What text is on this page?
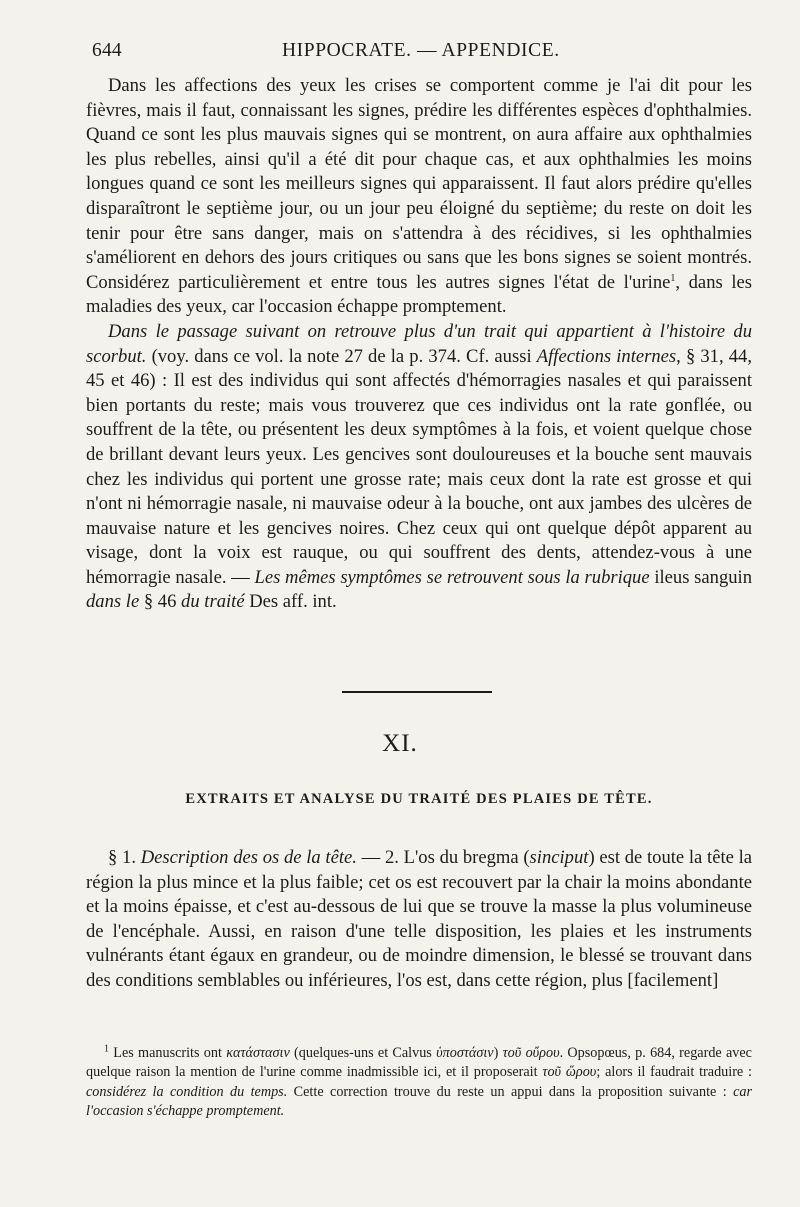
644	HIPPOCRATE. — APPENDICE.

Dans les affections des yeux les crises se comportent comme je l'ai dit pour les fièvres, mais il faut, connaissant les signes, prédire les différentes espèces d'ophthalmies. Quand ce sont les plus mauvais signes qui se montrent, on aura affaire aux ophthalmies les plus rebelles, ainsi qu'il a été dit pour chaque cas, et aux ophthalmies les moins longues quand ce sont les meilleurs signes qui apparaissent. Il faut alors prédire qu'elles disparaîtront le septième jour, ou un jour peu éloigné du septième; du reste on doit les tenir pour être sans danger, mais on s'attendra à des récidives, si les ophthalmies s'améliorent en dehors des jours critiques ou sans que les bons signes se soient montrés. Considérez particulièrement et entre tous les autres signes l'état de l'urine$^1$, dans les maladies des yeux, car l'occasion échappe promptement.

Dans le passage suivant on retrouve plus d'un trait qui appartient à l'histoire du scorbut. (voy. dans ce vol. la note 27 de la p. 374. Cf. aussi Affections internes, § 31, 44, 45 et 46) : Il est des individus qui sont affectés d'hémorragies nasales et qui paraissent bien portants du reste; mais vous trouverez que ces individus ont la rate gonflée, ou souffrent de la tête, ou présentent les deux symptômes à la fois, et voient quelque chose de brillant devant leurs yeux. Les gencives sont douloureuses et la bouche sent mauvais chez les individus qui portent une grosse rate; mais ceux dont la rate est grosse et qui n'ont ni hémorragie nasale, ni mauvaise odeur à la bouche, ont aux jambes des ulcères de mauvaise nature et les gencives noires. Chez ceux qui ont quelque dépôt apparent au visage, dont la voix est rauque, ou qui souffrent des dents, attendez-vous à une hémorragie nasale. — Les mêmes symptômes se retrouvent sous la rubrique ileus sanguin dans le § 46 du traité Des aff. int.

XI.
EXTRAITS ET ANALYSE DU TRAITÉ DES PLAIES DE TÊTE.

§ 1. Description des os de la tête. — 2. L'os du bregma (sinciput) est de toute la tête la région la plus mince et la plus faible; cet os est recouvert par la chair la moins abondante et la moins épaisse, et c'est au-dessous de lui que se trouve la masse la plus volumineuse de l'encéphale. Aussi, en raison d'une telle disposition, les plaies et les instruments vulnérants étant égaux en grandeur, ou de moindre dimension, le blessé se trouvant dans des conditions semblables ou inférieures, l'os est, dans cette région, plus [facilement]

$^1$ Les manuscrits ont κατάστασιν (quelques-uns et Calvus ὑποστάσιν) τοῦ οὔρου. Opsopœus, p. 684, regarde avec quelque raison la mention de l'urine comme inadmissible ici, et il proposerait τοῦ ὥρου; alors il faudrait traduire : considérez la condition du temps. Cette correction trouve du reste un appui dans la proposition suivante : car l'occasion s'échappe promptement.
